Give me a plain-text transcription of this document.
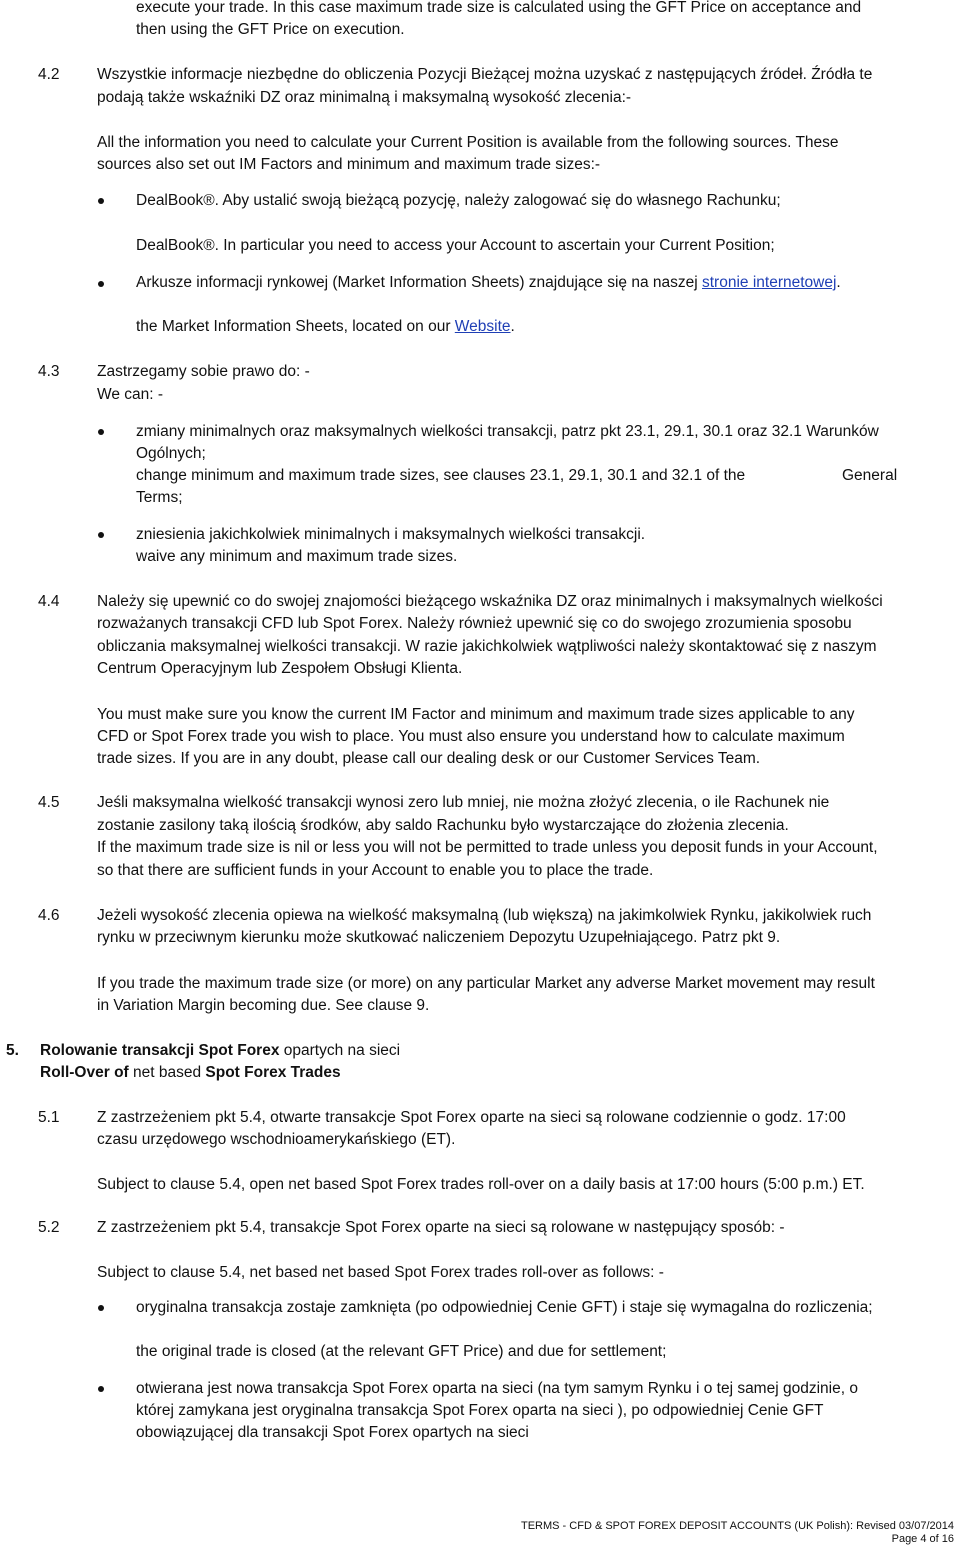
execute your trade. In this case maximum trade size is calculated using the GFT Price on acceptance and

then using the GFT Price on execution.

4.2 Wszystkie informacje niezbędne do obliczenia Pozycji Bieżącej można uzyskać z następujących źródeł. Źródła te

podają także wskaźniki DZ oraz minimalną i maksymalną wysokość zlecenia:-

All the information you need to calculate your Current Position is available from the following sources. These

sources also set out IM Factors and minimum and maximum trade sizes:-

DealBook®. Aby ustalić swoją bieżącą pozycję, należy zalogować się do własnego Rachunku;

DealBook®. In particular you need to access your Account to ascertain your Current Position;

Arkusze informacji rynkowej (Market Information Sheets) znajdujące się na naszej stronie internetowej.

the Market Information Sheets, located on our Website.

4.3 Zastrzegamy sobie prawo do: -

We can: -

zmiany minimalnych oraz maksymalnych wielkości transakcji, patrz pkt 23.1, 29.1, 30.1 oraz 32.1 Warunków

Ogólnych;

change minimum and maximum trade sizes, see clauses 23.1, 29.1, 30.1 and 32.1 of the	General

Terms;

zniesienia jakichkolwiek minimalnych i maksymalnych wielkości transakcji.

waive any minimum and maximum trade sizes.

4.4 Należy się upewnić co do swojej znajomości bieżącego wskaźnika DZ oraz minimalnych i maksymalnych wielkości

rozważanych transakcji CFD lub Spot Forex. Należy również upewnić się co do swojego zrozumienia sposobu

obliczania maksymalnej wielkości transakcji. W razie jakichkolwiek wątpliwości należy skontaktować się z naszym

Centrum Operacyjnym lub Zespołem Obsługi Klienta.

You must make sure you know the current IM Factor and minimum and maximum trade sizes applicable to any

CFD or Spot Forex trade you wish to place. You must also ensure you understand how to calculate maximum

trade sizes. If you are in any doubt, please call our dealing desk or our Customer Services Team.

4.5 Jeśli maksymalna wielkość transakcji wynosi zero lub mniej, nie można złożyć zlecenia, o ile Rachunek nie

zostanie zasilony taką ilością środków, aby saldo Rachunku było wystarczające do złożenia zlecenia.

If the maximum trade size is nil or less you will not be permitted to trade unless you deposit funds in your Account,

so that there are sufficient funds in your Account to enable you to place the trade.

4.6 Jeżeli wysokość zlecenia opiewa na wielkość maksymalną (lub większą) na jakimkolwiek Rynku, jakikolwiek ruch

rynku w przeciwnym kierunku może skutkować naliczeniem Depozytu Uzupełniającego. Patrz pkt 9.

If you trade the maximum trade size (or more) on any particular Market any adverse Market movement may result

in Variation Margin becoming due. See clause 9.

5. Rolowanie transakcji Spot Forex opartych na sieci

Roll-Over of net based Spot Forex Trades

5.1 Z zastrzeżeniem pkt 5.4, otwarte transakcje Spot Forex oparte na sieci są rolowane codziennie o godz. 17:00

czasu urzędowego wschodnioamerykańskiego (ET).

Subject to clause 5.4, open net based Spot Forex trades roll-over on a daily basis at 17:00 hours (5:00 p.m.) ET.

5.2 Z zastrzeżeniem pkt 5.4, transakcje Spot Forex oparte na sieci są rolowane w następujący sposób: -

Subject to clause 5.4, net based net based Spot Forex trades roll-over as follows: -

oryginalna transakcja zostaje zamknięta (po odpowiedniej Cenie GFT) i staje się wymagalna do rozliczenia;

the original trade is closed (at the relevant GFT Price) and due for settlement;

otwierana jest nowa transakcja Spot Forex oparta na sieci (na tym samym Rynku i o tej samej godzinie, o

której zamykana jest oryginalna transakcja Spot Forex oparta na sieci ), po odpowiedniej Cenie GFT

obowiązującej dla transakcji Spot Forex opartych na sieci

TERMS - CFD & SPOT FOREX DEPOSIT ACCOUNTS (UK Polish): Revised 03/07/2014

Page 4 of 16
